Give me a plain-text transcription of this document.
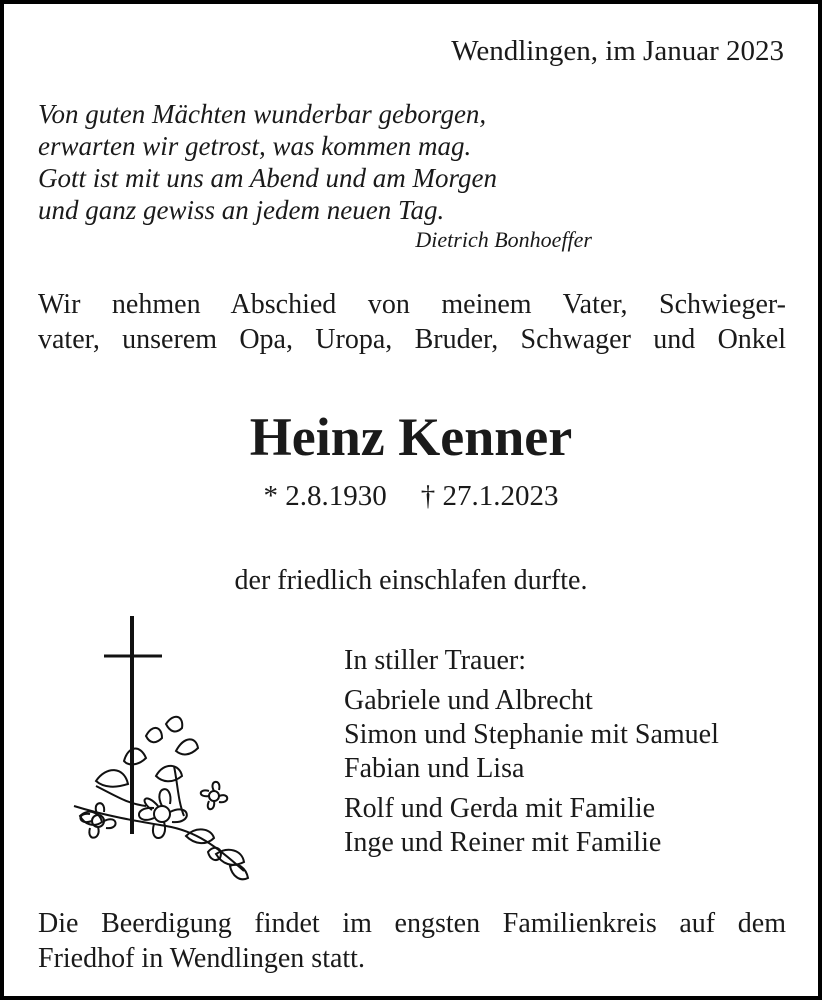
Wendlingen, im Januar 2023
Von guten Mächten wunderbar geborgen,
erwarten wir getrost, was kommen mag.
Gott ist mit uns am Abend und am Morgen
und ganz gewiss an jedem neuen Tag.
Dietrich Bonhoeffer
Wir nehmen Abschied von meinem Vater, Schwieger-
vater, unserem Opa, Uropa, Bruder, Schwager und Onkel
Heinz Kenner
* 2.8.1930 † 27.1.2023
der friedlich einschlafen durfte.
In stiller Trauer:
Gabriele und Albrecht
Simon und Stephanie mit Samuel
Fabian und Lisa
Rolf und Gerda mit Familie
Inge und Reiner mit Familie
Die Beerdigung findet im engsten Familienkreis auf dem
Friedhof in Wendlingen statt.
